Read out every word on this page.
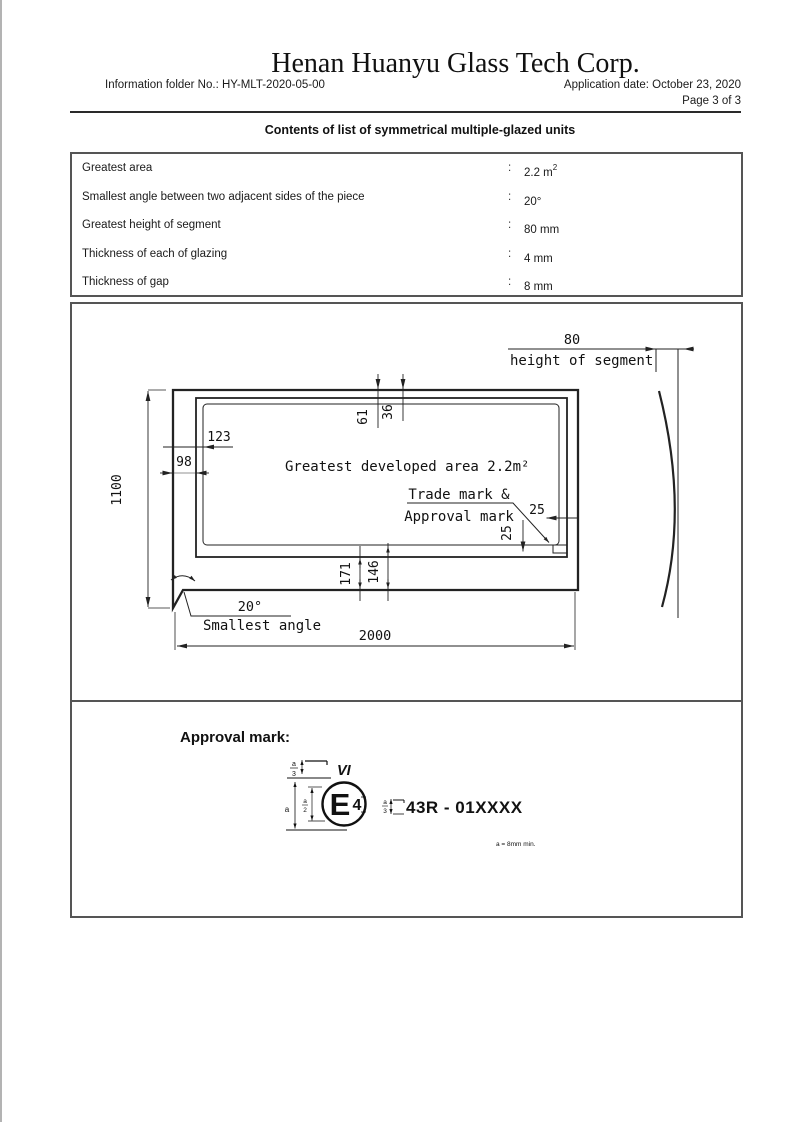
Henan Huanyu Glass Tech Corp.
Information folder No.: HY-MLT-2020-05-00	Application date: October 23, 2020
Page 3 of 3
Contents of list of symmetrical multiple-glazed units
Greatest area	: 2.2 $m^2$
Smallest angle between two adjacent sides of the piece	: 20°
Greatest height of segment	: 80 mm
Thickness of each of glazing	: 4 mm
Thickness of gap	: 8 mm
80
height of segment
61 36
123
98
1100
171 146
2000
20°
Smallest angle
Greatest developed area 2.2m²
Trade mark &
Approval mark 25
25
Approval mark:
VI
a
3
a E 4
a
2
a
3 43R - 01XXXX
a = 8mm min.
